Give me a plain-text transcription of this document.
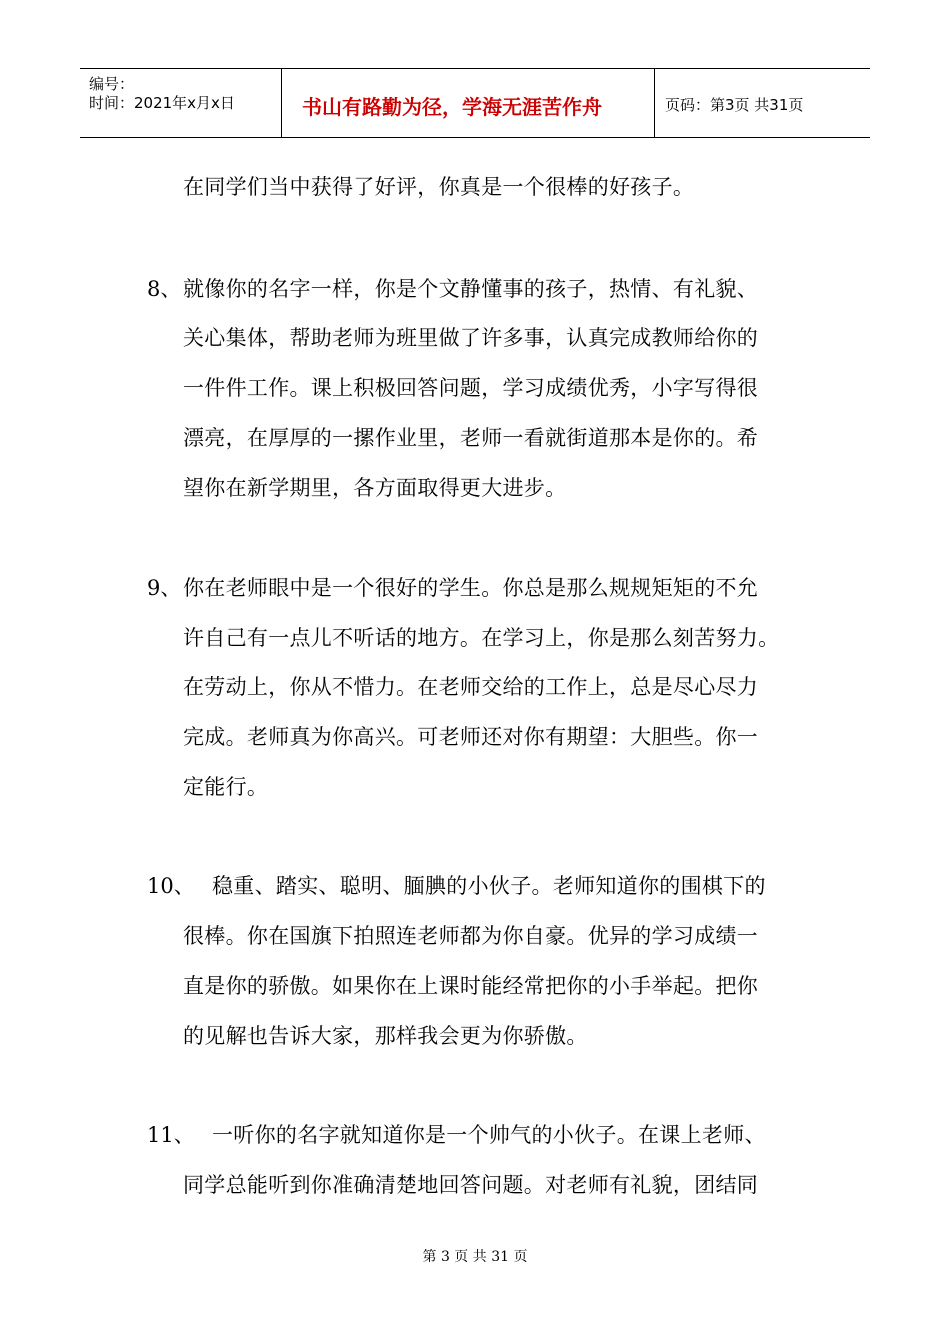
编号：
时间：2021年x月x日	书山有路勤为径，学海无涯苦作舟	页码：第3页 共31页
在同学们当中获得了好评，你真是一个很棒的好孩子。
8、 就像你的名字一样，你是个文静懂事的孩子，热情、有礼貌、
关心集体，帮助老师为班里做了许多事，认真完成教师给你的
一件件工作。课上积极回答问题，学习成绩优秀，小字写得很
漂亮，在厚厚的一摞作业里，老师一看就街道那本是你的。希
望你在新学期里，各方面取得更大进步。
9、 你在老师眼中是一个很好的学生。你总是那么规规矩矩的不允
许自己有一点儿不听话的地方。在学习上，你是那么刻苦努力。
在劳动上，你从不惜力。在老师交给的工作上，总是尽心尽力
完成。老师真为你高兴。可老师还对你有期望：大胆些。你一
定能行。
10、 稳重、踏实、聪明、腼腆的小伙子。老师知道你的围棋下的
很棒。你在国旗下拍照连老师都为你自豪。优异的学习成绩一
直是你的骄傲。如果你在上课时能经常把你的小手举起。把你
的见解也告诉大家，那样我会更为你骄傲。
11、 一听你的名字就知道你是一个帅气的小伙子。在课上老师、
同学总能听到你准确清楚地回答问题。对老师有礼貌，团结同
第 3 页 共 31 页
